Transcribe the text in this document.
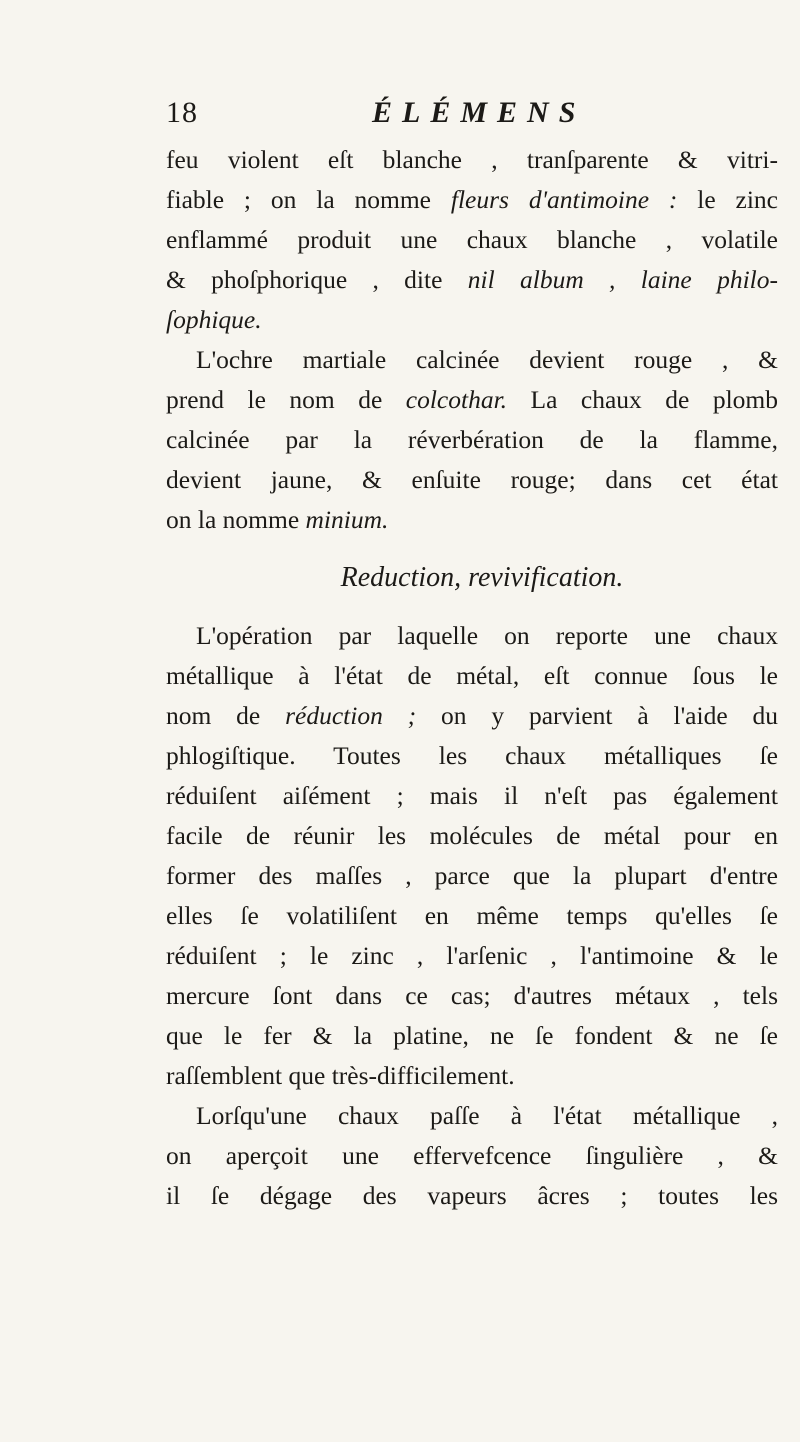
18	ÉLÉMENS
feu violent eſt blanche , tranſparente & vitri-
fiable ; on la nomme fleurs d'antimoine : le zinc
enflammé produit une chaux blanche , volatile
& phoſphorique , dite nil album , laine philo-
ſophique.
L'ochre martiale calcinée devient rouge , &
prend le nom de colcothar. La chaux de plomb
calcinée par la réverbération de la flamme,
devient jaune, & enſuite rouge; dans cet état
on la nomme minium.
Reduction, revivification.
L'opération par laquelle on reporte une chaux
métallique à l'état de métal, eſt connue ſous le
nom de réduction ; on y parvient à l'aide du
phlogiſtique. Toutes les chaux métalliques ſe
réduiſent aiſément ; mais il n'eſt pas également
facile de réunir les molécules de métal pour en
former des maſſes , parce que la plupart d'entre
elles ſe volatiliſent en même temps qu'elles ſe
réduiſent ; le zinc , l'arſenic , l'antimoine & le
mercure ſont dans ce cas; d'autres métaux , tels
que le fer & la platine, ne ſe fondent & ne ſe
raſſemblent que très-difficilement.
Lorſqu'une chaux paſſe à l'état métallique ,
on aperçoit une effervefcence ſingulière , &
il ſe dégage des vapeurs âcres ; toutes les
